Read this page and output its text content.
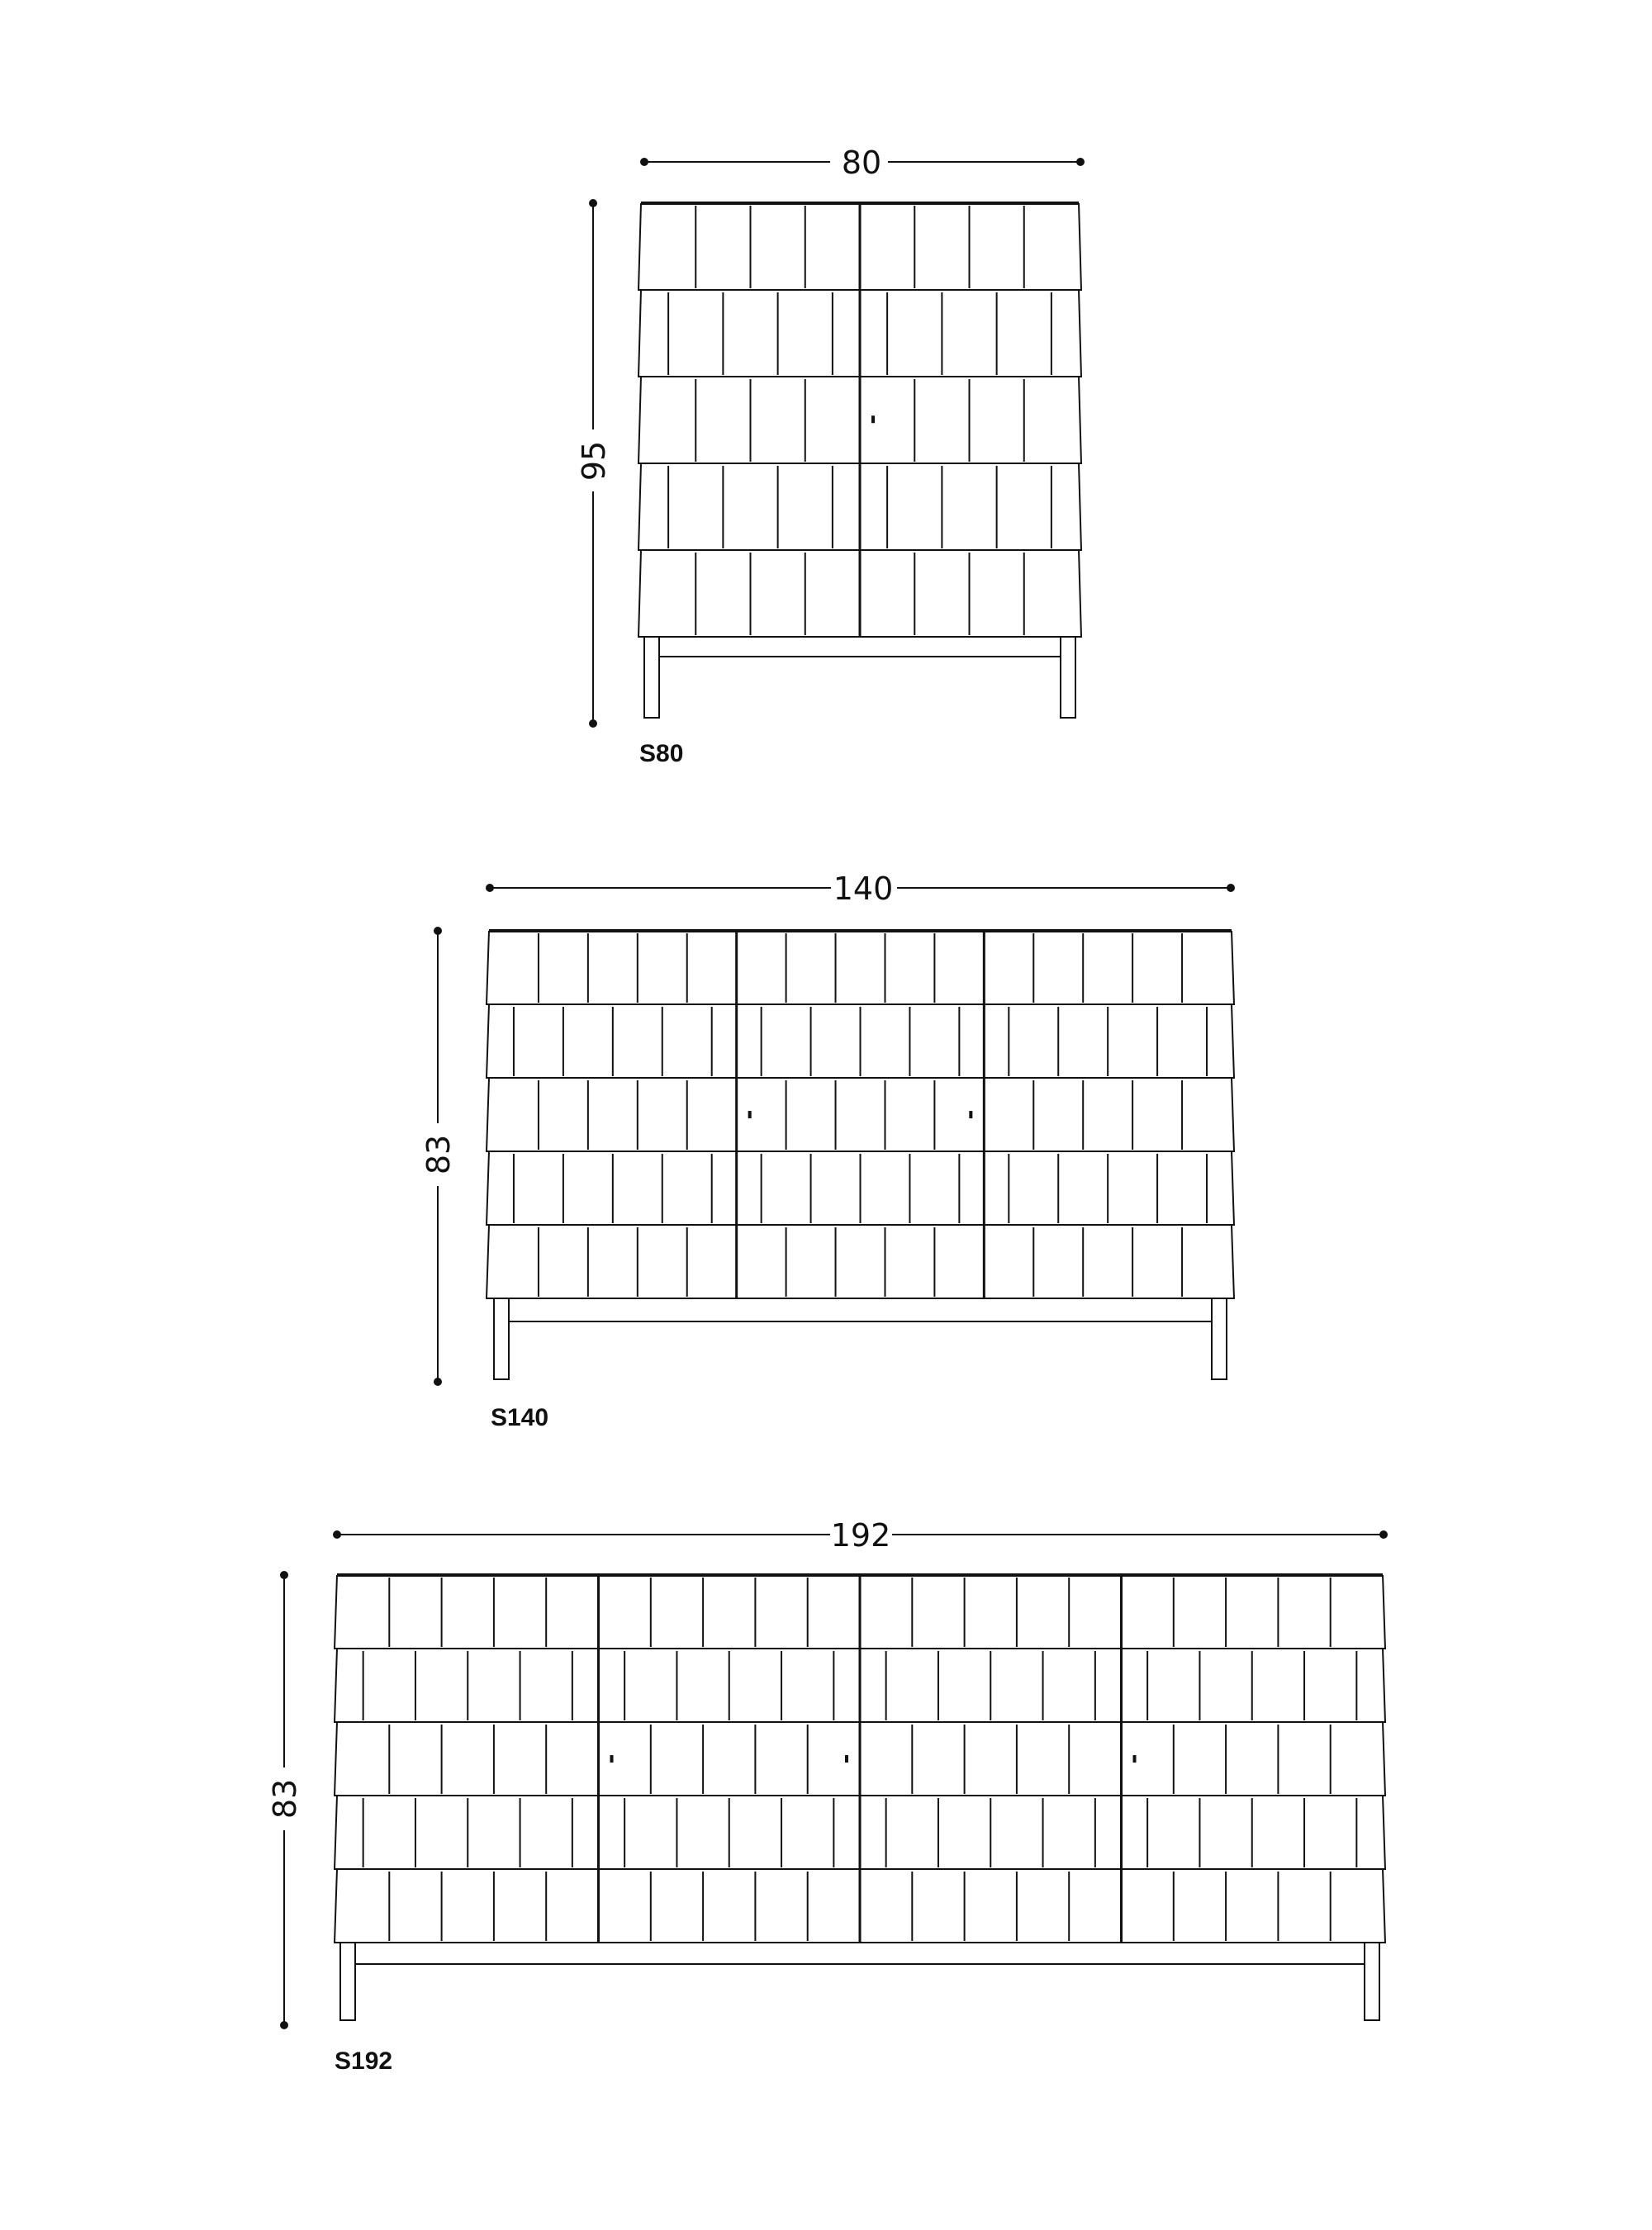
80
95
S80
140
83
S140
192
83
S192
